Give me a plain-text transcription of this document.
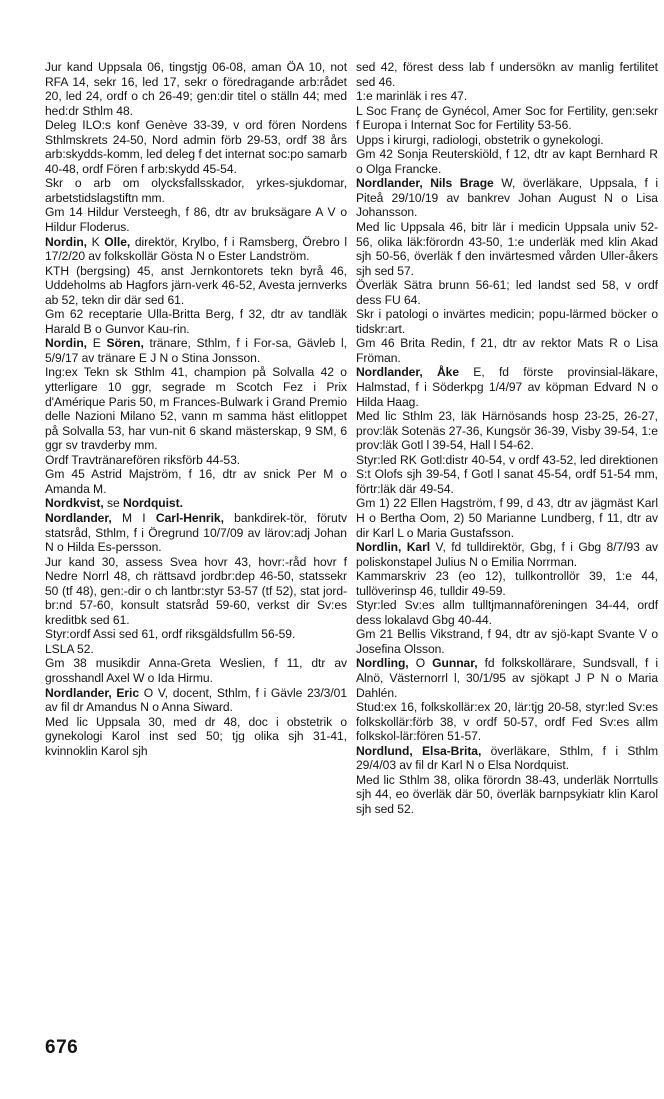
Jur kand Uppsala 06, tingstjg 06-08, aman ÖA 10, not RFA 14, sekr 16, led 17, sekr o föredragande arb:rådet 20, led 24, ordf o ch 26-49; gen:dir titel o ställn 44; med hed:dr Sthlm 48.

Deleg ILO:s konf Genève 33-39, v ord fören Nordens Sthlmskrets 24-50, Nord admin förb 29-53, ordf 38 års arb:skydds-komm, led deleg f det internat soc:po samarb 40-48, ordf Fören f arb:skydd 45-54.

Skr o arb om olycksfallsskador, yrkes-sjukdomar, arbetstidslagstiftn mm.

Gm 14 Hildur Versteegh, f 86, dtr av bruksägare A V o Hildur Floderus.

Nordin, K Olle, direktör, Krylbo, f i Ramsberg, Örebro l 17/2/20 av folkskollär Gösta N o Ester Landström.

KTH (bergsing) 45, anst Jernkontorets tekn byrå 46, Uddeholms ab Hagfors järn-verk 46-52, Avesta jernverks ab 52, tekn dir där sed 61.

Gm 62 receptarie Ulla-Britta Berg, f 32, dtr av tandläk Harald B o Gunvor Kau-rin.

Nordin, E Sören, tränare, Sthlm, f i For-sa, Gävleb l, 5/9/17 av tränare E J N o Stina Jonsson.

Ing:ex Tekn sk Sthlm 41, champion på Solvalla 42 o ytterligare 10 ggr, segrade m Scotch Fez i Prix d'Amérique Paris 50, m Frances-Bulwark i Grand Premio delle Nazioni Milano 52, vann m samma häst elitloppet på Solvalla 53, har vun-nit 6 skand mästerskap, 9 SM, 6 ggr sv travderby mm.

Ordf Travtränarefören riksförb 44-53.

Gm 45 Astrid Majström, f 16, dtr av snick Per M o Amanda M.

Nordkvist, se Nordquist.

Nordlander, M I Carl-Henrik, bankdirek-tör, förutv statsråd, Sthlm, f i Öregrund 10/7/09 av lärov:adj Johan N o Hilda Es-persson.

Jur kand 30, assess Svea hovr 43, hovr:-råd hovr f Nedre Norrl 48, ch rättsavd jordbr:dep 46-50, statssekr 50 (tf 48), gen:-dir o ch lantbr:styr 53-57 (tf 52), stat jord-br:nd 57-60, konsult statsråd 59-60, verkst dir Sv:es kreditbk sed 61.

Styr:ordf Assi sed 61, ordf riksgäldsfullm 56-59.

LSLA 52.

Gm 38 musikdir Anna-Greta Weslien, f 11, dtr av grosshandl Axel W o Ida Hirmu.

Nordlander, Eric O V, docent, Sthlm, f i Gävle 23/3/01 av fil dr Amandus N o Anna Siward.

Med lic Uppsala 30, med dr 48, doc i obstetrik o gynekologi Karol inst sed 50; tjg olika sjh 31-41, kvinnoklin Karol sjh

sed 42, förest dess lab f undersökn av manlig fertilitet sed 46.

1:e marinläk i res 47.

L Soc Franç de Gynécol, Amer Soc for Fertility, gen:sekr f Europa i Internat Soc for Fertility 53-56.

Upps i kirurgi, radiologi, obstetrik o gynekologi.

Gm 42 Sonja Reuterskiöld, f 12, dtr av kapt Bernhard R o Olga Francke.

Nordlander, Nils Brage W, överläkare, Uppsala, f i Piteå 29/10/19 av bankrev Johan August N o Lisa Johansson.

Med lic Uppsala 46, bitr lär i medicin Uppsala univ 52-56, olika läk:förordn 43-50, 1:e underläk med klin Akad sjh 50-56, överläk f den invärtesmed vården Uller-åkers sjh sed 57.

Överläk Sätra brunn 56-61; led landst sed 58, v ordf dess FU 64.

Skr i patologi o invärtes medicin; popu-lärmed böcker o tidskr:art.

Gm 46 Brita Redin, f 21, dtr av rektor Mats R o Lisa Fröman.

Nordlander, Åke E, fd förste provinsial-läkare, Halmstad, f i Söderkpg 1/4/97 av köpman Edvard N o Hilda Haag.

Med lic Sthlm 23, läk Härnösands hosp 23-25, 26-27, prov:läk Sotenäs 27-36, Kungsör 36-39, Visby 39-54, 1:e prov:läk Gotl l 39-54, Hall l 54-62.

Styr:led RK Gotl:distr 40-54, v ordf 43-52, led direktionen S:t Olofs sjh 39-54, f Gotl l sanat 45-54, ordf 51-54 mm, förtr:läk där 49-54.

Gm 1) 22 Ellen Hagström, f 99, d 43, dtr av jägmäst Karl H o Bertha Oom, 2) 50 Marianne Lundberg, f 11, dtr av dir Karl L o Maria Gustafsson.

Nordlin, Karl V, fd tulldirektör, Gbg, f i Gbg 8/7/93 av poliskonstapel Julius N o Emilia Norrman.

Kammarskriv 23 (eo 12), tullkontrollör 39, 1:e 44, tullöverinsp 46, tulldir 49-59.

Styr:led Sv:es allm tulltjmannaföreningen 34-44, ordf dess lokalavd Gbg 40-44.

Gm 21 Bellis Vikstrand, f 94, dtr av sjö-kapt Svante V o Josefina Olsson.

Nordling, O Gunnar, fd folkskollärare, Sundsvall, f i Alnö, Västernorrl l, 30/1/95 av sjökapt J P N o Maria Dahlén.

Stud:ex 16, folkskollär:ex 20, lär:tjg 20-58, styr:led Sv:es folkskollär:förb 38, v ordf 50-57, ordf Fed Sv:es allm folkskol-lär:fören 51-57.

Nordlund, Elsa-Brita, överläkare, Sthlm, f i Sthlm 29/4/03 av fil dr Karl N o Elsa Nordquist.

Med lic Sthlm 38, olika förordn 38-43, underläk Norrtulls sjh 44, eo överläk där 50, överläk barnpsykiatr klin Karol sjh sed 52.

676
